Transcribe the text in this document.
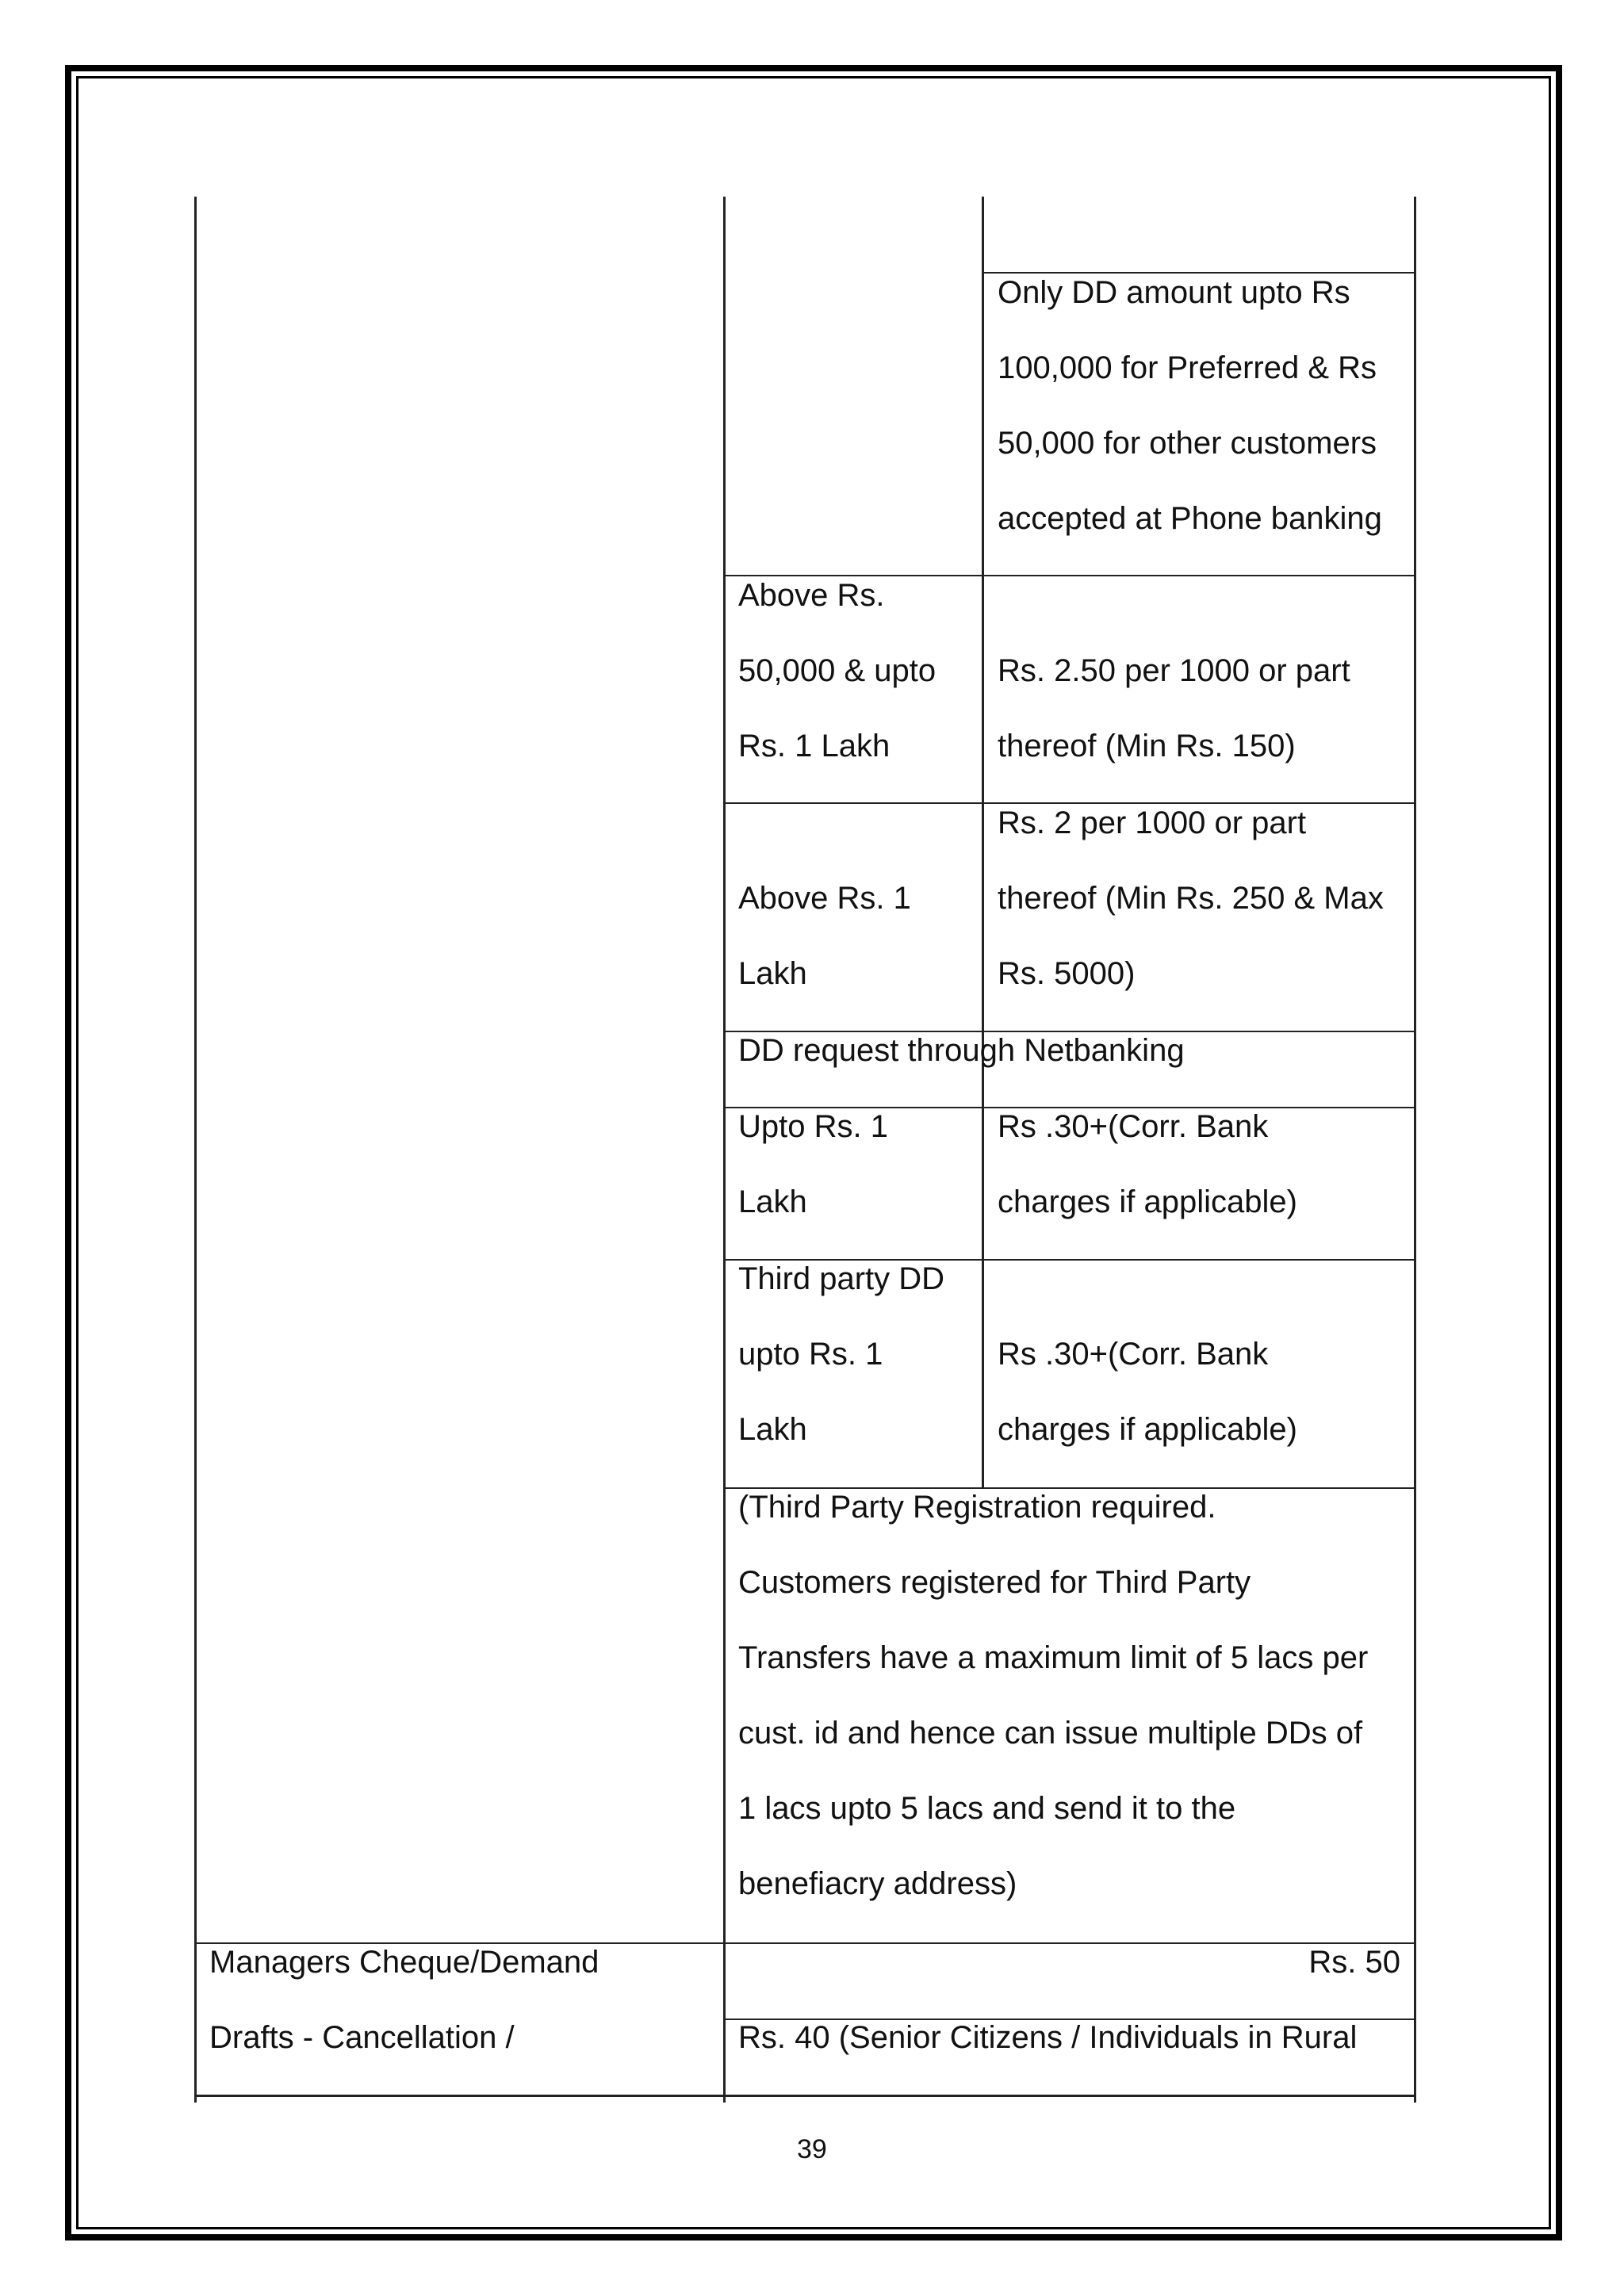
Only DD amount upto Rs
100,000 for Preferred & Rs
50,000 for other customers
accepted at Phone banking
Above Rs.
50,000 & upto
Rs. 1 Lakh
Rs. 2.50 per 1000 or part
thereof (Min Rs. 150)
Above Rs. 1
Lakh
Rs. 2 per 1000 or part
thereof (Min Rs. 250 & Max
Rs. 5000)
DD request through Netbanking
Upto Rs. 1
Lakh
Rs .30+(Corr. Bank
charges if applicable)
Third party DD
upto Rs. 1
Lakh
Rs .30+(Corr. Bank
charges if applicable)
(Third Party Registration required.
Customers registered for Third Party
Transfers have a maximum limit of 5 lacs per
cust. id and hence can issue multiple DDs of
1 lacs upto 5 lacs and send it to the
benefiacry address)
Managers Cheque/Demand
Drafts - Cancellation /
Rs. 50
Rs. 40 (Senior Citizens / Individuals in Rural
39
